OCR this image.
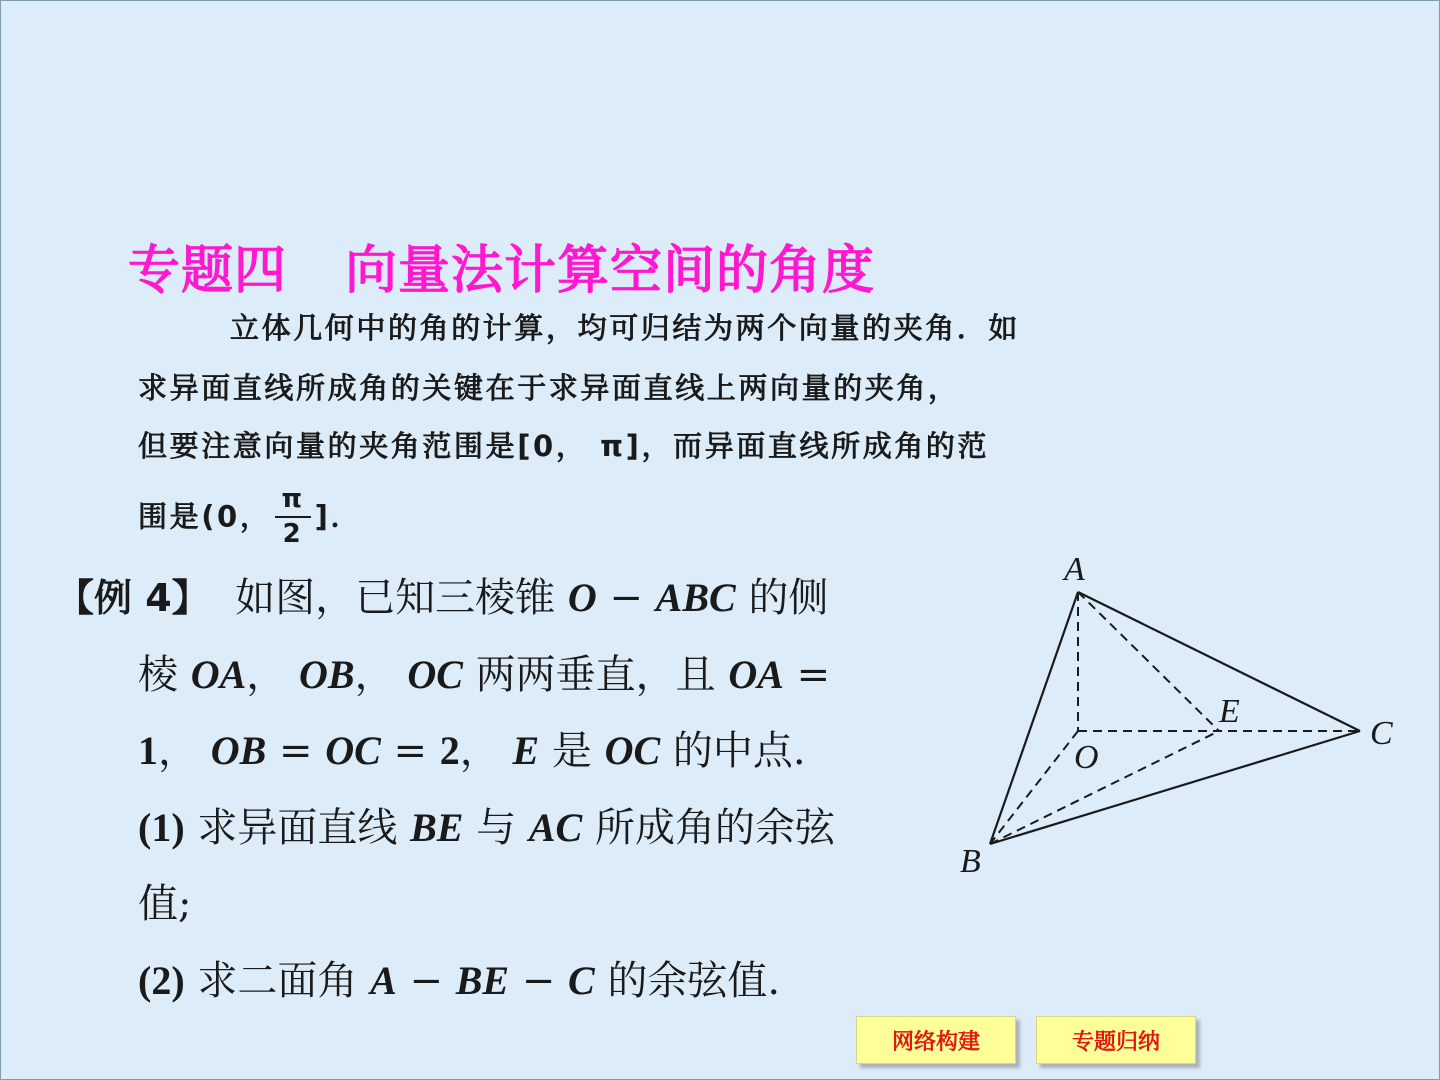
专题四 向量法计算空间的角度
立体几何中的角的计算，均可归结为两个向量的夹角．如
求异面直线所成角的关键在于求异面直线上两向量的夹角，
但要注意向量的夹角范围是[0， π]，而异面直线所成角的范
围是(0， $\frac{\pi}{2}$ ]．
【例 4】 如图，已知三棱锥 O − ABC 的侧
棱 OA， OB， OC 两两垂直，且 OA =
1， OB = OC = 2， E 是 OC 的中点.
(1) 求异面直线 BE 与 AC 所成角的余弦
值;
(2) 求二面角 A − BE − C 的余弦值.
A
B
C
O
E
网络构建	专题归纳
